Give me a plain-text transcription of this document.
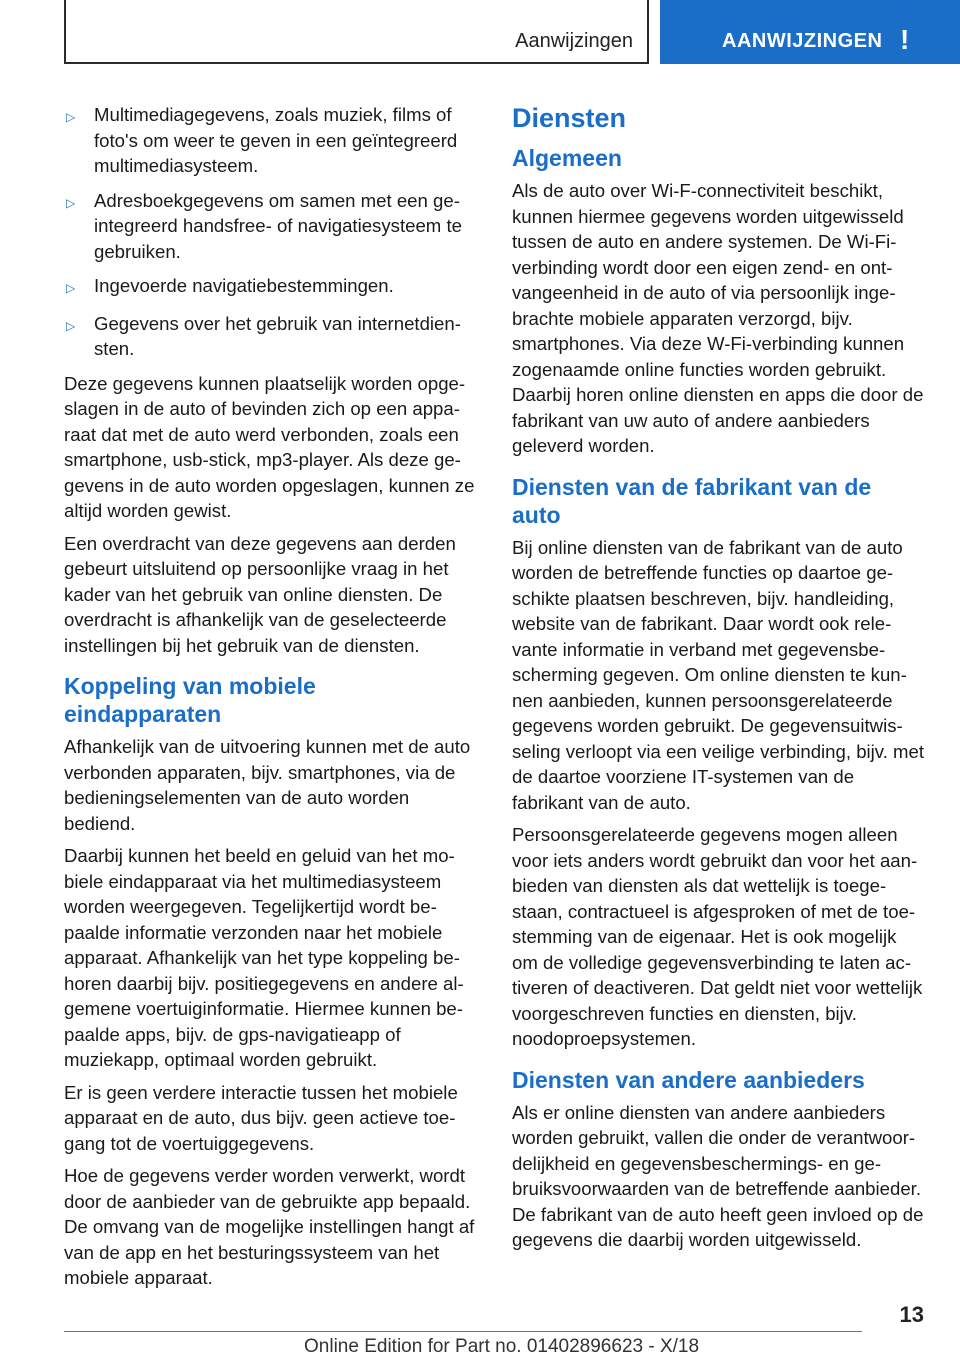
Aanwijzingen	AANWIJZINGEN !
▷	Multimediagegevens, zoals muziek, films of foto's om weer te geven in een geïntegreerd multimediasysteem.
▷	Adresboekgegevens om samen met een geintegreerd handsfree- of navigatiesysteem te gebruiken.
▷	Ingevoerde navigatiebestemmingen.
▷	Gegevens over het gebruik van internetdiensten.

Deze gegevens kunnen plaatselijk worden opgeslagen in de auto of bevinden zich op een apparaat dat met de auto werd verbonden, zoals een smartphone, usb-stick, mp3-player. Als deze gegevens in de auto worden opgeslagen, kunnen ze altijd worden gewist.

Een overdracht van deze gegevens aan derden gebeurt uitsluitend op persoonlijke vraag in het kader van het gebruik van online diensten. De overdracht is afhankelijk van de geselecteerde instellingen bij het gebruik van de diensten.

Koppeling van mobiele eindapparaten

Afhankelijk van de uitvoering kunnen met de auto verbonden apparaten, bijv. smartphones, via de bedieningselementen van de auto worden bediend.

Daarbij kunnen het beeld en geluid van het mobiele eindapparaat via het multimediasysteem worden weergegeven. Tegelijkertijd wordt bepaalde informatie verzonden naar het mobiele apparaat. Afhankelijk van het type koppeling behoren daarbij bijv. positiegegevens en andere algemene voertuiginformatie. Hiermee kunnen bepaalde apps, bijv. de gps-navigatieapp of muziekapp, optimaal worden gebruikt.

Er is geen verdere interactie tussen het mobiele apparaat en de auto, dus bijv. geen actieve toegang tot de voertuiggegevens.

Hoe de gegevens verder worden verwerkt, wordt door de aanbieder van de gebruikte app bepaald. De omvang van de mogelijke instellingen hangt af van de app en het besturingssysteem van het mobiele apparaat.

Diensten
Algemeen

Als de auto over Wi-F-connectiviteit beschikt, kunnen hiermee gegevens worden uitgewisseld tussen de auto en andere systemen. De Wi-Fi-verbinding wordt door een eigen zend- en ontvangeenheid in de auto of via persoonlijk ingebrachte mobiele apparaten verzorgd, bijv. smartphones. Via deze W-Fi-verbinding kunnen zogenaamde online functies worden gebruikt. Daarbij horen online diensten en apps die door de fabrikant van uw auto of andere aanbieders geleverd worden.

Diensten van de fabrikant van de auto

Bij online diensten van de fabrikant van de auto worden de betreffende functies op daartoe geschikte plaatsen beschreven, bijv. handleiding, website van de fabrikant. Daar wordt ook relevante informatie in verband met gegevensbescherming gegeven. Om online diensten te kunnen aanbieden, kunnen persoonsgerelateerde gegevens worden gebruikt. De gegevensuitwisseling verloopt via een veilige verbinding, bijv. met de daartoe voorziene IT-systemen van de fabrikant van de auto.

Persoonsgerelateerde gegevens mogen alleen voor iets anders wordt gebruikt dan voor het aanbieden van diensten als dat wettelijk is toegestaan, contractueel is afgesproken of met de toestemming van de eigenaar. Het is ook mogelijk om de volledige gegevensverbinding te laten activeren of deactiveren. Dat geldt niet voor wettelijk voorgeschreven functies en diensten, bijv. noodoproepsystemen.

Diensten van andere aanbieders

Als er online diensten van andere aanbieders worden gebruikt, vallen die onder de verantwoordelijkheid en gegevensbeschermings- en gebruiksvoorwaarden van de betreffende aanbieder. De fabrikant van de auto heeft geen invloed op de gegevens die daarbij worden uitgewisseld.

13
Online Edition for Part no. 01402896623 - X/18
